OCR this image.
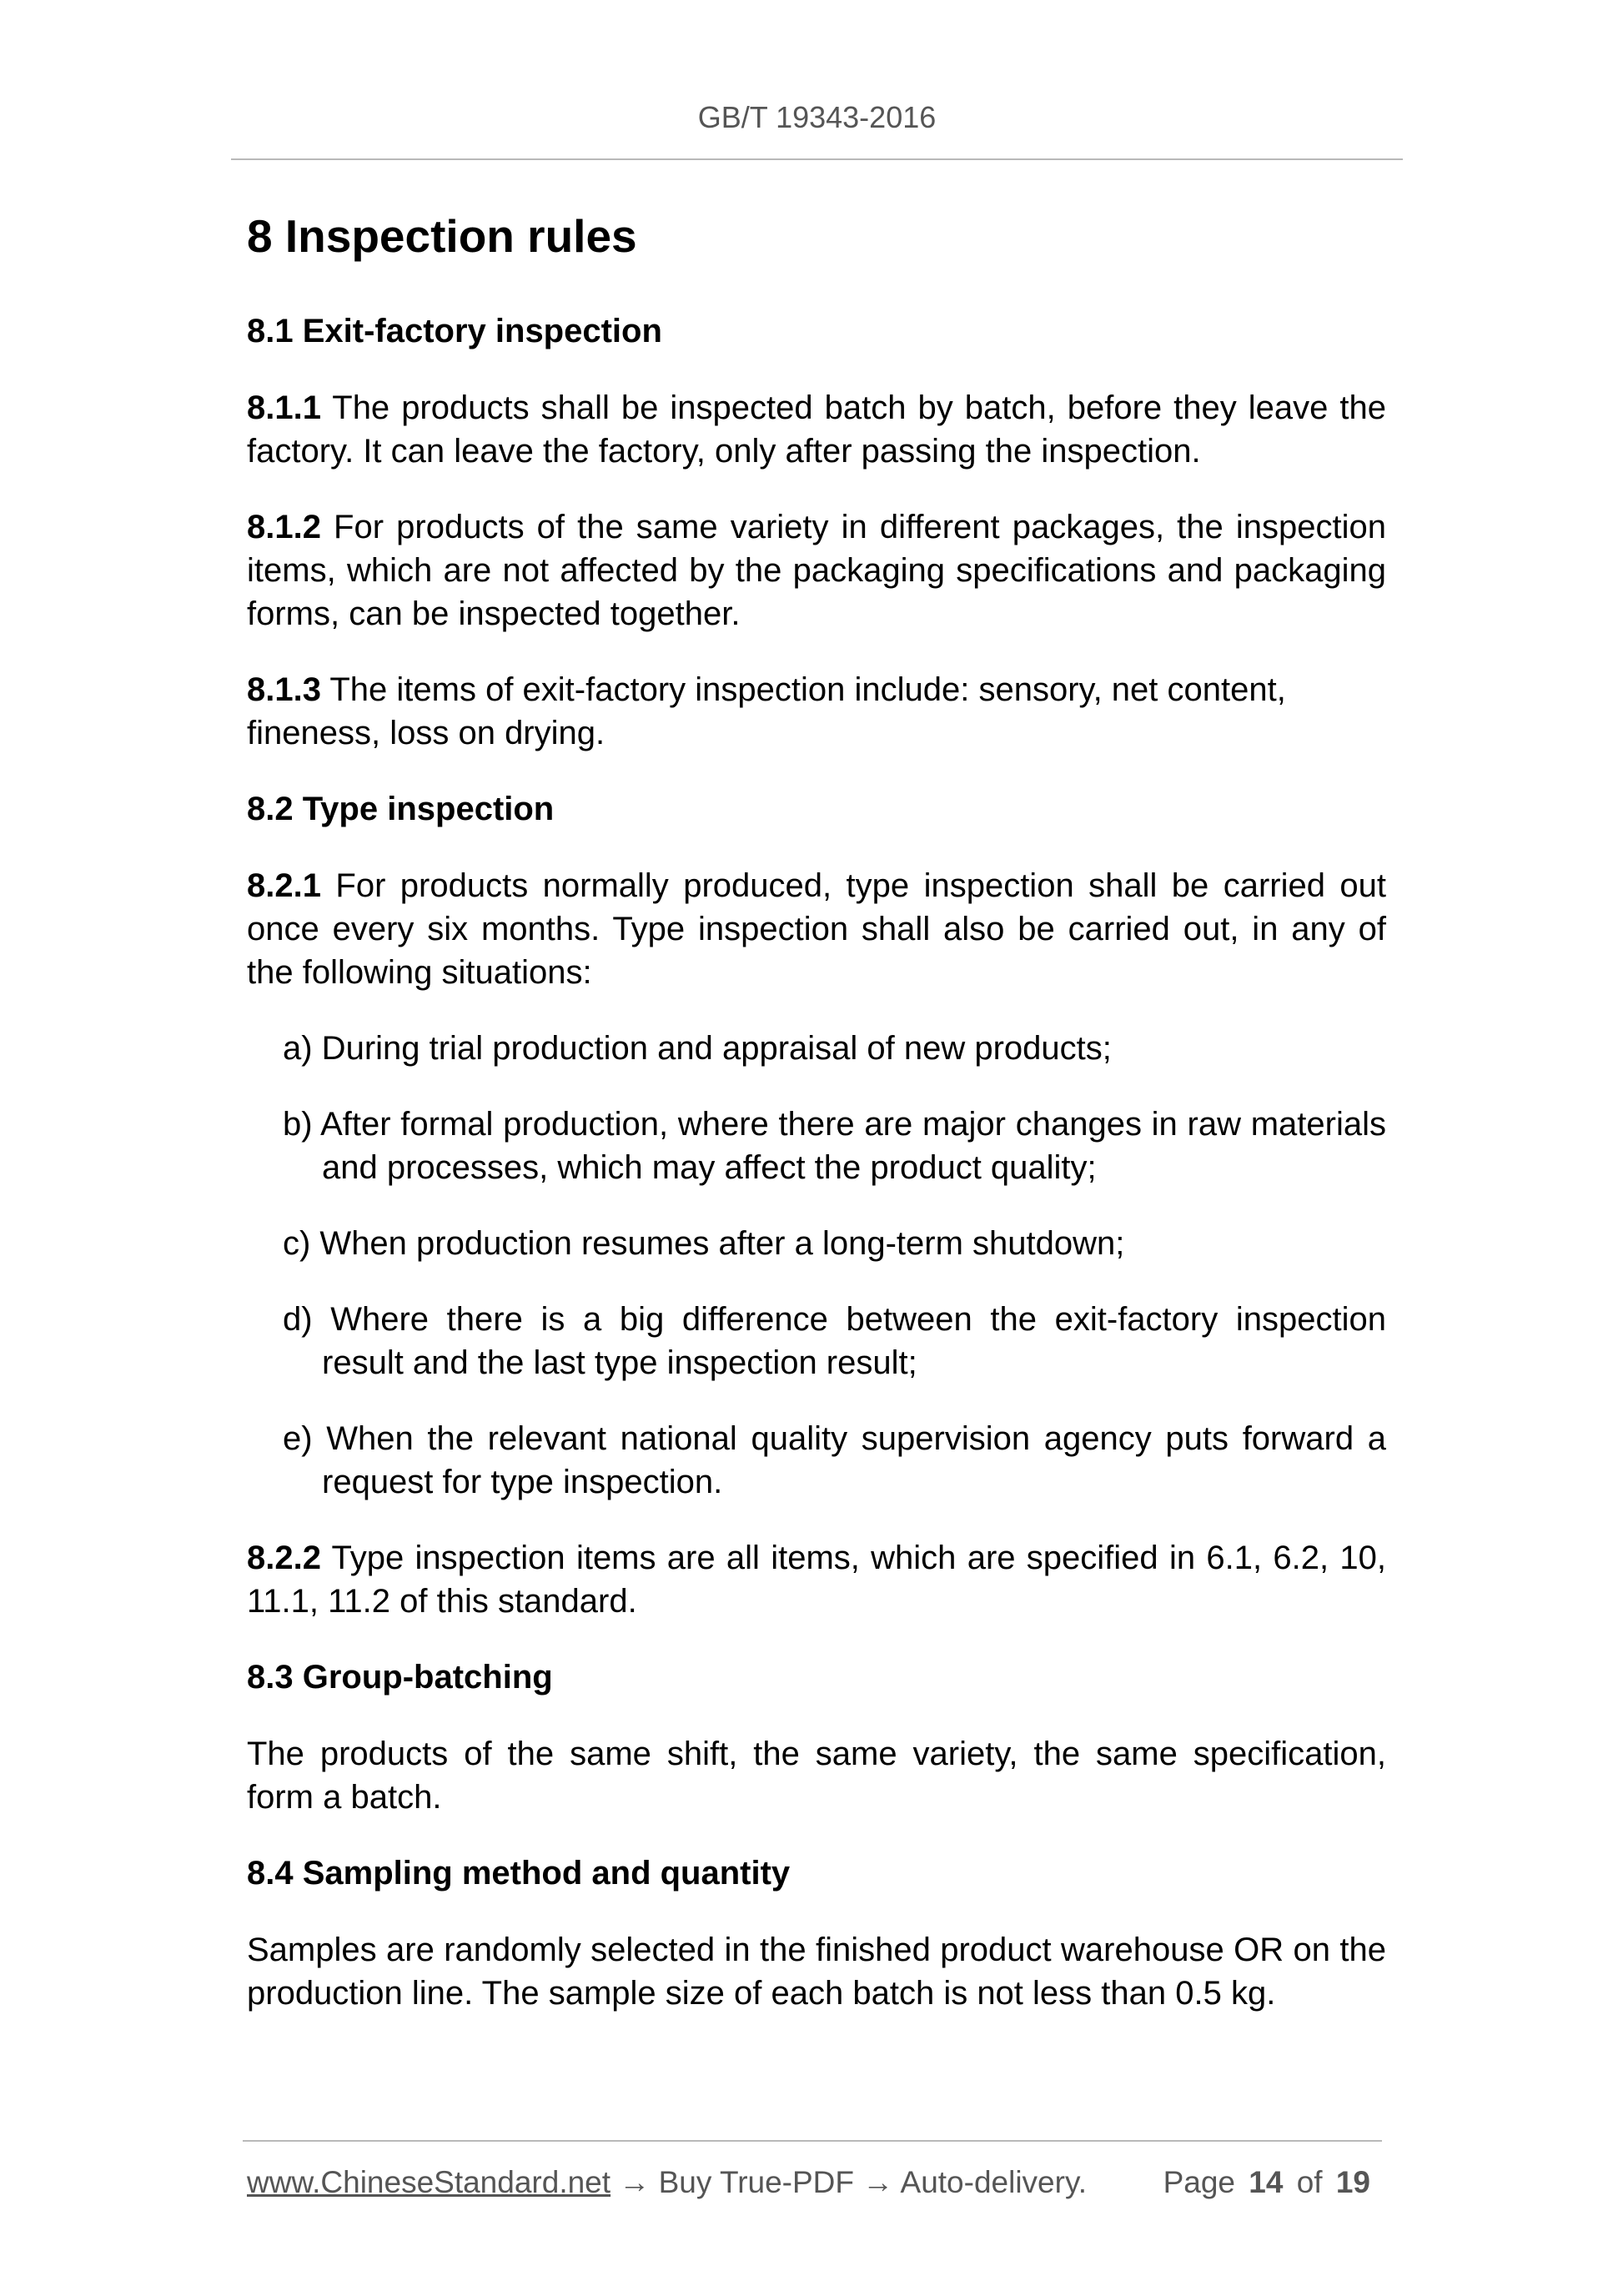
GB/T 19343-2016
8 Inspection rules
8.1 Exit-factory inspection

8.1.1 The products shall be inspected batch by batch, before they leave the factory. It can leave the factory, only after passing the inspection.

8.1.2 For products of the same variety in different packages, the inspection items, which are not affected by the packaging specifications and packaging forms, can be inspected together.

8.1.3 The items of exit-factory inspection include: sensory, net content, fineness, loss on drying.

8.2 Type inspection

8.2.1 For products normally produced, type inspection shall be carried out once every six months. Type inspection shall also be carried out, in any of the following situations:

a) During trial production and appraisal of new products;
b) After formal production, where there are major changes in raw materials and processes, which may affect the product quality;
c) When production resumes after a long-term shutdown;
d) Where there is a big difference between the exit-factory inspection result and the last type inspection result;
e) When the relevant national quality supervision agency puts forward a request for type inspection.

8.2.2 Type inspection items are all items, which are specified in 6.1, 6.2, 10, 11.1, 11.2 of this standard.

8.3 Group-batching

The products of the same shift, the same variety, the same specification, form a batch.

8.4 Sampling method and quantity

Samples are randomly selected in the finished product warehouse OR on the production line. The sample size of each batch is not less than 0.5 kg.

www.ChineseStandard.net → Buy True-PDF → Auto-delivery. Page 14 of 19
